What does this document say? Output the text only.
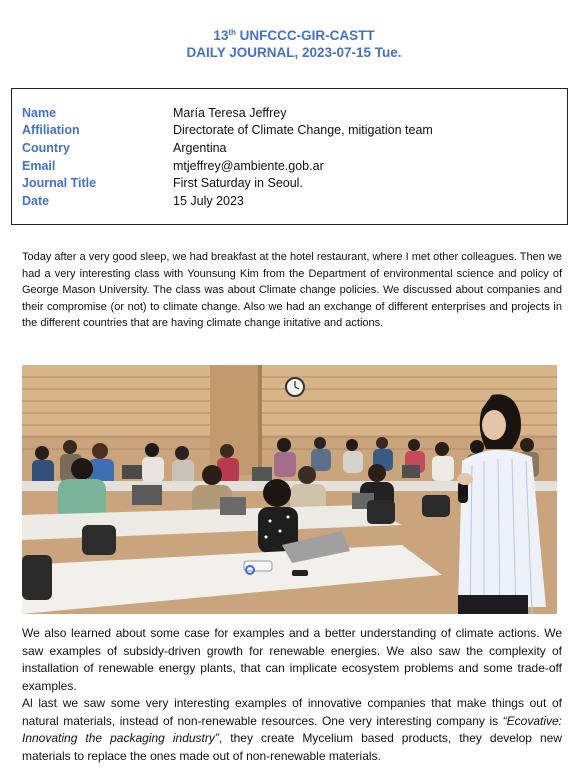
13th UNFCCC-GIR-CASTT
DAILY JOURNAL, 2023-07-15 Tue.
Name	María Teresa Jeffrey
Affiliation	Directorate of Climate Change, mitigation team
Country	Argentina
Email	mtjeffrey@ambiente.gob.ar
Journal Title	First Saturday in Seoul.
Date	15 July 2023
Today after a very good sleep, we had breakfast at the hotel restaurant, where I met other colleagues. Then we had a very interesting class with Younsung Kim from the Department of environmental science and policy of George Mason University. The class was about Climate change policies. We discussed about companies and their compromise (or not) to climate change. Also we had an exchange of different enterprises and projects in the different countries that are having climate change initative and actions.

We also learned about some case for examples and a better understanding of climate actions. We saw examples of subsidy-driven growth for renewable energies. We also saw the complexity of installation of renewable energy plants, that can implicate ecosystem problems and some trade-off examples.

Al last we saw some very interesting examples of innovative companies that make things out of natural materials, instead of non-renewable resources. One very interesting company is “Ecovative: Innovating the packaging industry”, they create Mycelium based products, they develop new materials to replace the ones made out of non-renewable materials.
